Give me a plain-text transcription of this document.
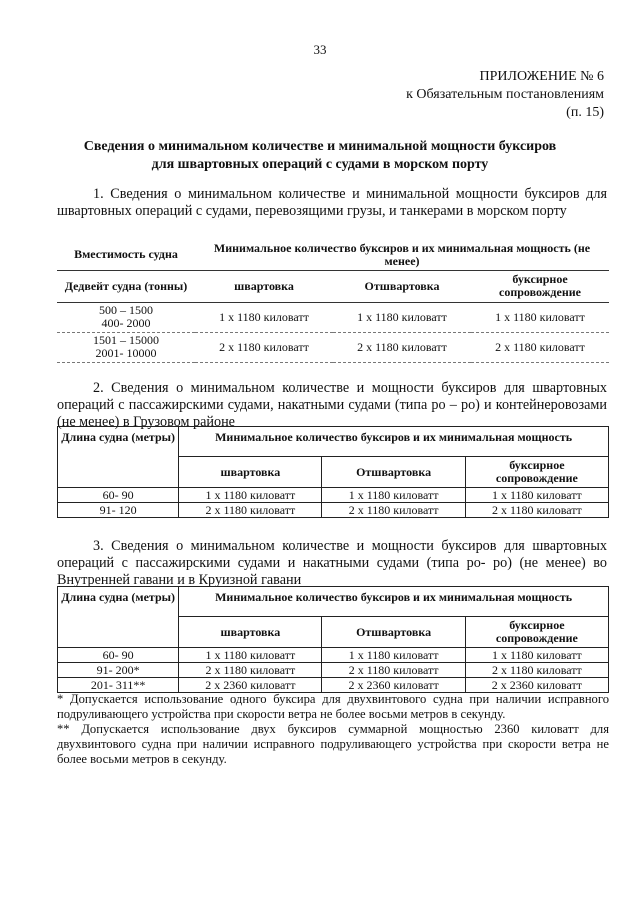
33
ПРИЛОЖЕНИЕ № 6
к Обязательным постановлениям
(п. 15)
Сведения о минимальном количестве и минимальной мощности буксиров
для швартовных операций с судами в морском порту
1. Сведения о минимальном количестве и минимальной мощности буксиров для швартовных операций с судами, перевозящими грузы, и танкерами в морском порту
Вместимость судна	Минимальное количество буксиров и их минимальная мощность (не менее)		
Дедвейт судна (тонны)	швартовка	Отшвартовка	буксирное сопровождение

500 – 1500
400- 2000	1 x 1180 киловатт	1 x 1180 киловатт	1 x 1180 киловатт

1501 – 15000
2001- 10000	2 x 1180 киловатт	2 x 1180 киловатт	2 x 1180 киловатт
2. Сведения о минимальном количестве и мощности буксиров для швартовных операций с пассажирскими судами, накатными судами (типа ро – ро) и контейнеровозами (не менее) в Грузовом районе
Длина судна (метры)	Минимальное количество буксиров и их минимальная мощность		
	швартовка	Отшвартовка	буксирное сопровождение
60- 90	1 x 1180 киловатт	1 x 1180 киловатт	1 x 1180 киловатт
91- 120	2 x 1180 киловатт	2 x 1180 киловатт	2 x 1180 киловатт
3. Сведения о минимальном количестве и мощности буксиров для швартовных операций с пассажирскими судами и накатными судами (типа ро- ро) (не менее) во Внутренней гавани и в Круизной гавани
Длина судна (метры)	Минимальное количество буксиров и их минимальная мощность		
	швартовка	Отшвартовка	буксирное сопровождение
60- 90	1 x 1180 киловатт	1 x 1180 киловатт	1 x 1180 киловатт
91- 200*	2 x 1180 киловатт	2 x 1180 киловатт	2 x 1180 киловатт
201- 311**	2 x 2360 киловатт	2 x 2360 киловатт	2 x 2360 киловатт

* Допускается использование одного буксира для двухвинтового судна при наличии исправного подруливающего устройства при скорости ветра не более восьми метров в секунду.

** Допускается использование двух буксиров суммарной мощностью 2360 киловатт для двухвинтового судна при наличии исправного подруливающего устройства при скорости ветра не более восьми метров в секунду.
